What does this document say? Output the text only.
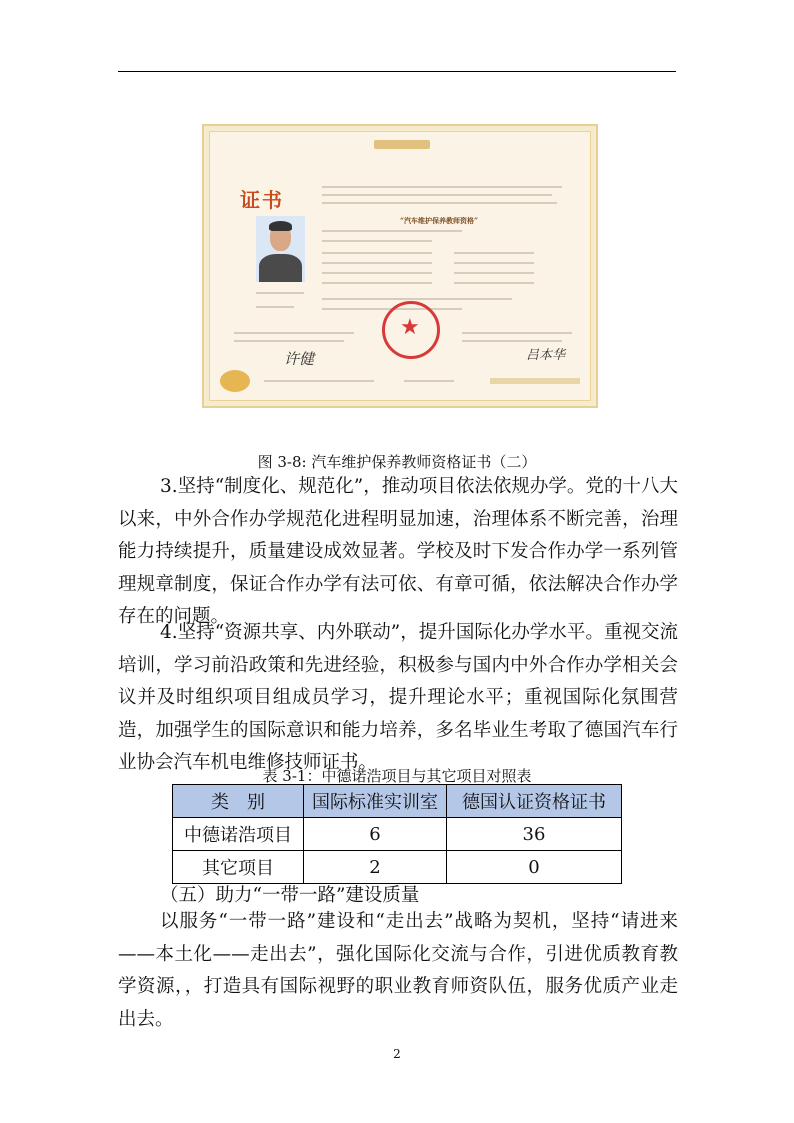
证书
“汽车维护保养教师资格”
★
许健	吕本华
图 3-8: 汽车维护保养教师资格证书（二）

3.坚持“制度化、规范化”，推动项目依法依规办学。党的十八大以来，中外合作办学规范化进程明显加速，治理体系不断完善，治理能力持续提升，质量建设成效显著。学校及时下发合作办学一系列管理规章制度，保证合作办学有法可依、有章可循，依法解决合作办学存在的问题。

4.坚持“资源共享、内外联动”，提升国际化办学水平。重视交流培训，学习前沿政策和先进经验，积极参与国内中外合作办学相关会议并及时组织项目组成员学习，提升理论水平；重视国际化氛围营造，加强学生的国际意识和能力培养，多名毕业生考取了德国汽车行业协会汽车机电维修技师证书。

表 3-1：中德诺浩项目与其它项目对照表
类　别	国际标准实训室	德国认证资格证书
中德诺浩项目	6	36
其它项目	2	0
（五）助力“一带一路”建设质量

以服务“一带一路”建设和“走出去”战略为契机，坚持“请进来——本土化——走出去”，强化国际化交流与合作，引进优质教育教学资源，，打造具有国际视野的职业教育师资队伍，服务优质产业走出去。

2
